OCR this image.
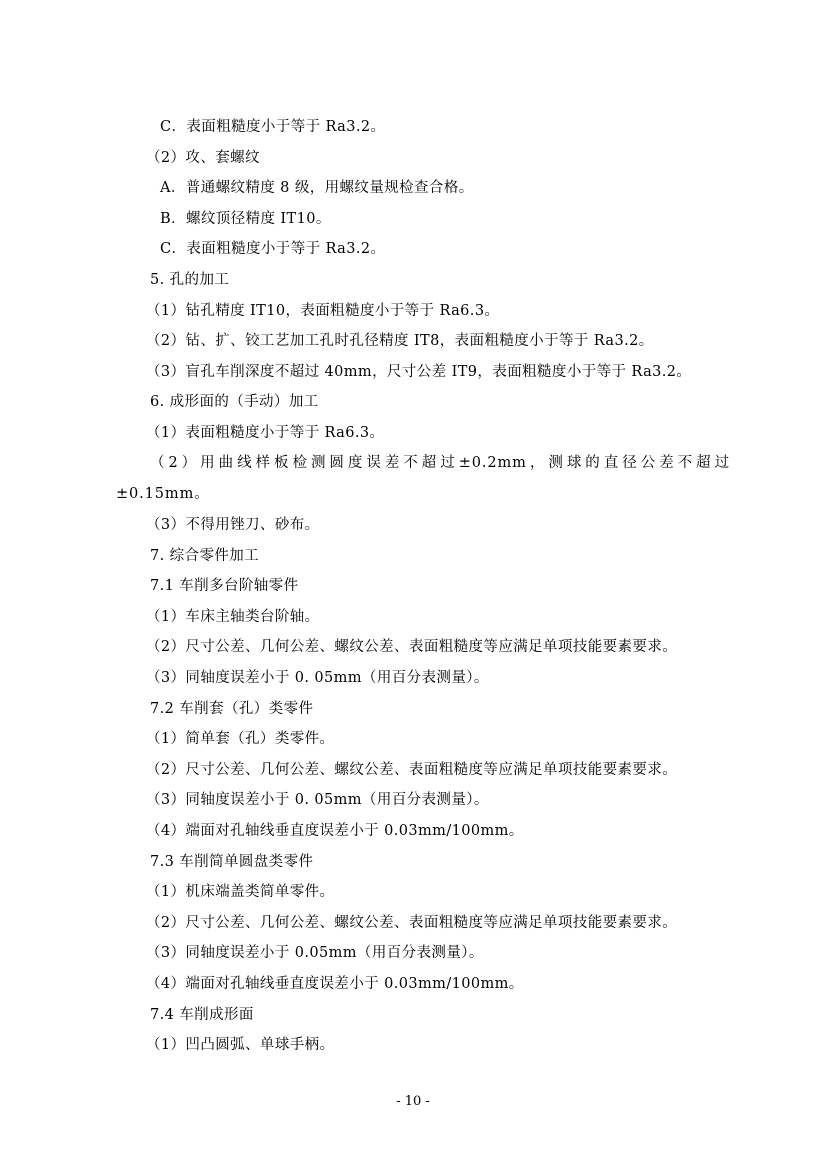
C．表面粗糙度小于等于 Ra3.2。
（2）攻、套螺纹
A．普通螺纹精度 8 级，用螺纹量规检查合格。
B．螺纹顶径精度 IT10。
C．表面粗糙度小于等于 Ra3.2。
5. 孔的加工
（1）钻孔精度 IT10，表面粗糙度小于等于 Ra6.3。
（2）钻、扩、铰工艺加工孔时孔径精度 IT8，表面粗糙度小于等于 Ra3.2。
（3）盲孔车削深度不超过 40mm，尺寸公差 IT9，表面粗糙度小于等于 Ra3.2。
6. 成形面的（手动）加工
（1）表面粗糙度小于等于 Ra6.3。
（2）用曲线样板检测圆度误差不超过±0.2mm，测球的直径公差不超过±0.15mm。
（3）不得用锉刀、砂布。
7. 综合零件加工
7.1 车削多台阶轴零件
（1）车床主轴类台阶轴。
（2）尺寸公差、几何公差、螺纹公差、表面粗糙度等应满足单项技能要素要求。
（3）同轴度误差小于 0. 05mm（用百分表测量）。
7.2 车削套（孔）类零件
（1）简单套（孔）类零件。
（2）尺寸公差、几何公差、螺纹公差、表面粗糙度等应满足单项技能要素要求。
（3）同轴度误差小于 0. 05mm（用百分表测量）。
（4）端面对孔轴线垂直度误差小于 0.03mm/100mm。
7.3 车削简单圆盘类零件
（1）机床端盖类简单零件。
（2）尺寸公差、几何公差、螺纹公差、表面粗糙度等应满足单项技能要素要求。
（3）同轴度误差小于 0.05mm（用百分表测量）。
（4）端面对孔轴线垂直度误差小于 0.03mm/100mm。
7.4 车削成形面
（1）凹凸圆弧、单球手柄。
- 10 -
